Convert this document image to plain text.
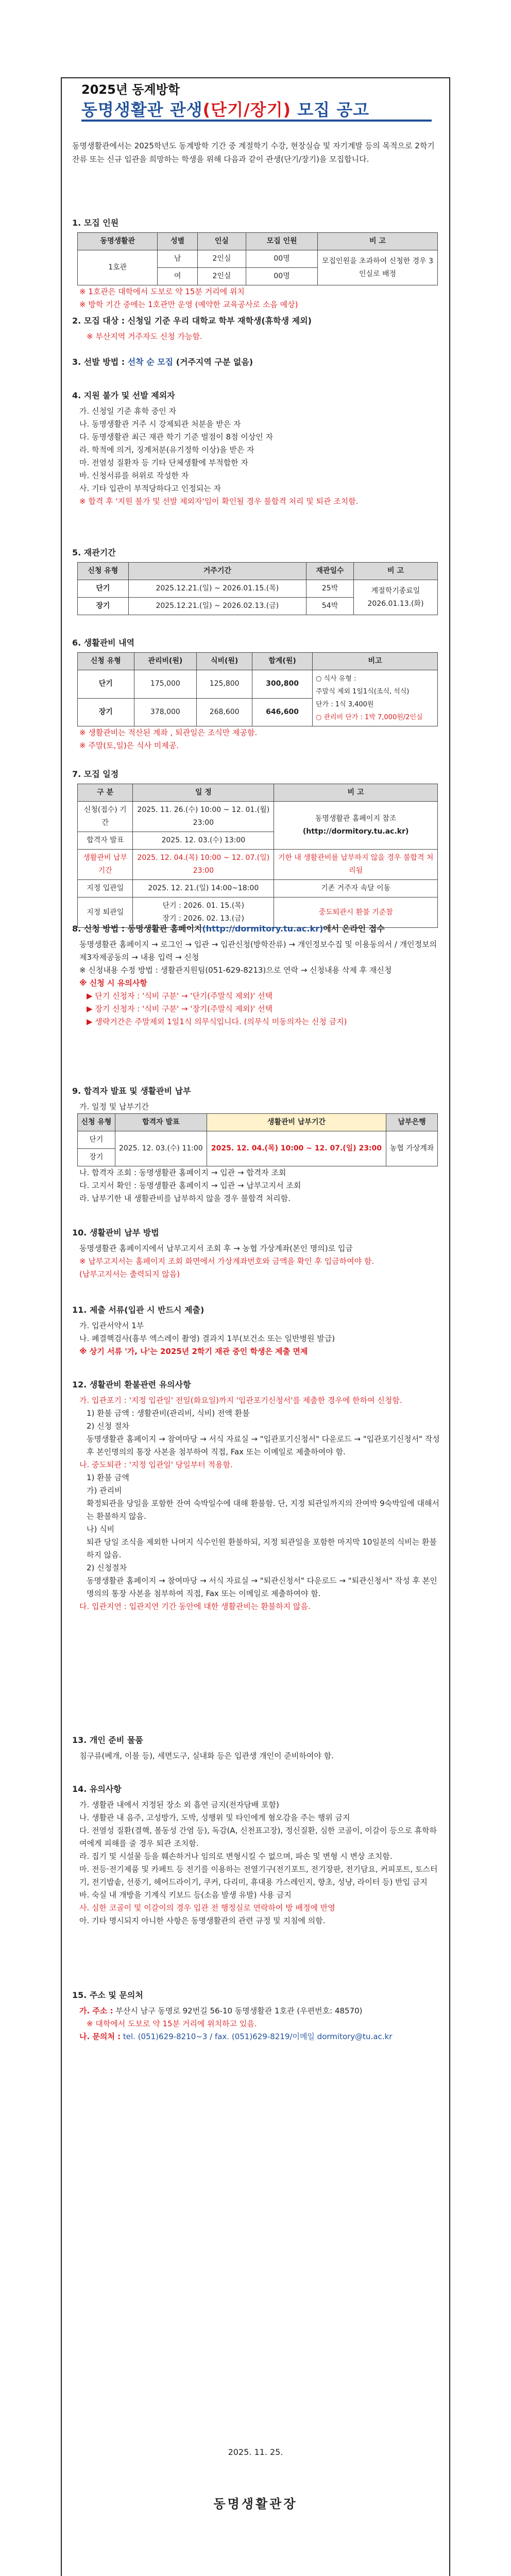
2025년 동계방학
동명생활관 관생(단기/장기) 모집 공고
동명생활관에서는 2025학년도 동계방학 기간 중 계절학기 수강, 현장실습 및 자기계발 등의 목적으로 2학기 잔류 또는 신규 입관을 희망하는 학생을 위해 다음과 같이 관생(단기/장기)을 모집합니다.
1. 모집 인원
동명생활관	성별	인실	모집 인원	비 고
1호관	남	2인실	00명	모집인원을 초과하여 신청한 경우 3인실로 배정
	여	2인실	00명	

※ 1호관은 대학에서 도보로 약 15분 거리에 위치

※ 방학 기간 중에는 1호관만 운영 (예약한 교육공사로 소음 예상)

2. 모집 대상 : 신청일 기준 우리 대학교 학부 재학생(휴학생 제외)

※ 부산지역 거주자도 신청 가능함.

3. 선발 방법 : 선착 순 모집 (거주지역 구분 없음)
4. 지원 불가 및 선발 제외자

가. 신청일 기준 휴학 중인 자

나. 동명생활관 거주 시 강제퇴관 처분을 받은 자

다. 동명생활관 최근 재관 학기 기준 벌점이 8점 이상인 자

라. 학적에 의거, 징계처분(유기정학 이상)을 받은 자

마. 전염성 질환자 등 기타 단체생활에 부적합한 자

바. 신청서류를 허위로 작성한 자

사. 기타 입관이 부적당하다고 인정되는 자

※ 합격 후 '지원 불가 및 선발 제외자'임이 확인될 경우 불합격 처리 및 퇴관 조치함.

5. 재관기간
신청 유형	거주기간	재관일수	비 고
단기	2025.12.21.(일) ~ 2026.01.15.(목)	25박	계절학기종료일 2026.01.13.(화)
장기	2025.12.21.(일) ~ 2026.02.13.(금)	54박	
6. 생활관비 내역
신청 유형	관리비(원)	식비(원)	합계(원)	비고
단기	175,000	125,800	300,800	○ 식사 유형 :
주말식 제외 1일1식(조식, 석식)
단가 : 1식 3,400원
○ 관리비 단가 : 1박 7,000원/2인실

장기	378,000	268,600	646,600	

※ 생활관비는 적산된 계좌 , 퇴관일은 조식만 제공함.

※ 주말(토,일)은 식사 미제공.

7. 모집 일정
구 분	일 정	비 고
신청(접수) 기간	2025. 11. 26.(수) 10:00 ~ 12. 01.(월) 23:00	동명생활관 홈페이지 참조
(http://dormitory.tu.ac.kr)

합격자 발표	2025. 12. 03.(수) 13:00	
생활관비 납부기간	2025. 12. 04.(목) 10:00 ~ 12. 07.(일) 23:00	기한 내 생활관비를 납부하지 않을 경우 불합격 처리됨
지정 입관일	2025. 12. 21.(일) 14:00~18:00	기존 거주자 속달 이동
지정 퇴관일	단기 : 2026. 01. 15.(목)
장기 : 2026. 02. 13.(금)	중도퇴관시 환불 기준참
8. 신청 방법 : 동명생활관 홈페이지(http://dormitory.tu.ac.kr)에서 온라인 접수

동명생활관 홈페이지 → 로그인 → 입관 → 입관신청(방학잔류) → 개인정보수집 및 이용동의서 / 개인정보의 제3자제공동의 → 내용 입력 → 신청

※ 신청내용 수정 방법 : 생활관지원팀(051-629-8213)으로 연락 → 신청내용 삭제 후 재신청

※ 신청 시 유의사항

▶ 단기 신청자 : '식비 구분' → '단기(주말식 제외)' 선택

▶ 장기 신청자 : '식비 구분' → '장기(주말식 제외)' 선택

▶ 생략거간은 주말제외 1일1식 의무식입니다. (의무식 미동의자는 신청 금지)

9. 합격자 발표 및 생활관비 납부

가. 일정 및 납부기간

신청 유형	합격자 발표	생활관비 납부기간	납부은행
단기	2025. 12. 03.(수) 11:00	2025. 12. 04.(목) 10:00 ~ 12. 07.(일) 23:00	농협 가상계좌
장기			

나. 합격자 조회 : 동명생활관 홈페이지 → 입관 → 합격자 조회

다. 고지서 확인 : 동명생활관 홈페이지 → 입관 → 납부고지서 조회

라. 납부기한 내 생활관비를 납부하지 않을 경우 불합격 처리함.

10. 생활관비 납부 방법

동명생활관 홈페이지에서 납부고지서 조회 후 → 농협 가상계좌(본인 명의)로 입금

※ 납부고지서는 홈페이지 조회 화면에서 가상계좌번호와 금액을 확인 후 입금하여야 함.

(납부고지서는 출력되지 않음)

11. 제출 서류(입관 시 반드시 제출)

가. 입관서약서 1부

나. 폐결핵검사(흉부 엑스레이 촬영) 결과지 1부(보건소 또는 일반병원 발급)

※ 상기 서류 '가, 나'는 2025년 2학기 재관 중인 학생은 제출 면제

12. 생활관비 환불관련 유의사항

가. 입관포기 : '지정 입관일' 전일(화요일)까지 '입관포기신청서'를 제출한 경우에 한하여 신청함.

1) 환불 금액 : 생활관비(관리비, 식비) 전액 환불

2) 신청 절차

동명생활관 홈페이지 → 참여마당 → 서식 자료실 → "입관포기신청서" 다운로드 → "입관포기신청서" 작성 후 본인명의의 통장 사본을 첨부하여 직접, Fax 또는 이메일로 제출하여야 함.

나. 중도퇴관 : '지정 입관일' 당일부터 적용함.

1) 환불 금액

가) 관리비

확정퇴관을 당일을 포함한 잔여 숙박일수에 대해 환불함. 단, 지정 퇴관일까지의 잔여박 9숙박일에 대해서는 환불하지 않음.

나) 식비

퇴관 당일 조식을 제외한 나머지 식수인원 환불하되, 지정 퇴관일을 포함한 마지막 10일분의 식비는 환불하지 않음.

2) 신청절차

동명생활관 홈페이지 → 참여마당 → 서식 자료실 → "퇴관신청서" 다운로드 → "퇴관신청서" 작성 후 본인명의의 통장 사본을 첨부하여 직접, Fax 또는 이메일로 제출하여야 함.

다. 입관지연 : 입관지연 기간 동안에 대한 생활관비는 환불하지 않음.

13. 개인 준비 물품

침구류(베개, 이불 등), 세면도구, 실내화 등은 입관생 개인이 준비하여야 함.

14. 유의사항

가. 생활관 내에서 지정된 장소 외 흡연 금지(전자담배 포함)

나. 생활관 내 음주, 고성방가, 도박, 성행위 및 타인에게 혐오감을 주는 행위 금지

다. 전열성 질환(결핵, 볼동성 간염 등), 독감(A, 신천표고장), 정신질환, 심한 코골이, 이갈이 등으로 휴학하여에게 피해를 줄 경우 퇴관 조치함.

라. 집기 및 시설물 등을 훼손하거나 임의로 변형시킬 수 없으며, 파손 및 변형 시 변상 조치함.

마. 전등·전기제품 및 카페트 등 전기를 이용하는 전열기구(전기포트, 전기장판, 전기담요, 커피포트, 토스터기, 전기밥솥, 선풍기, 헤어드라이기, 쿠커, 다리미, 휴대용 가스레인지, 향초, 성냥, 라이터 등) 반입 금지

바. 숙실 내 개방을 기계식 키보드 등(소음 발생 유발) 사용 금지

사. 심한 코골이 및 이갈이의 경우 입관 전 행정실로 연락하여 방 배정에 반영

아. 기타 명시되지 아니한 사항은 동명생활관의 관련 규정 및 지침에 의함.

15. 주소 및 문의처

가. 주소 : 부산시 남구 동명로 92번길 56-10 동명생활관 1호관 (우편번호: 48570)

※ 대학에서 도보로 약 15분 거리에 위치하고 있음.

나. 문의처 : tel. (051)629-8210~3 / fax. (051)629-8219/이메일 dormitory@tu.ac.kr

2025. 11. 25.
동명생활관장
